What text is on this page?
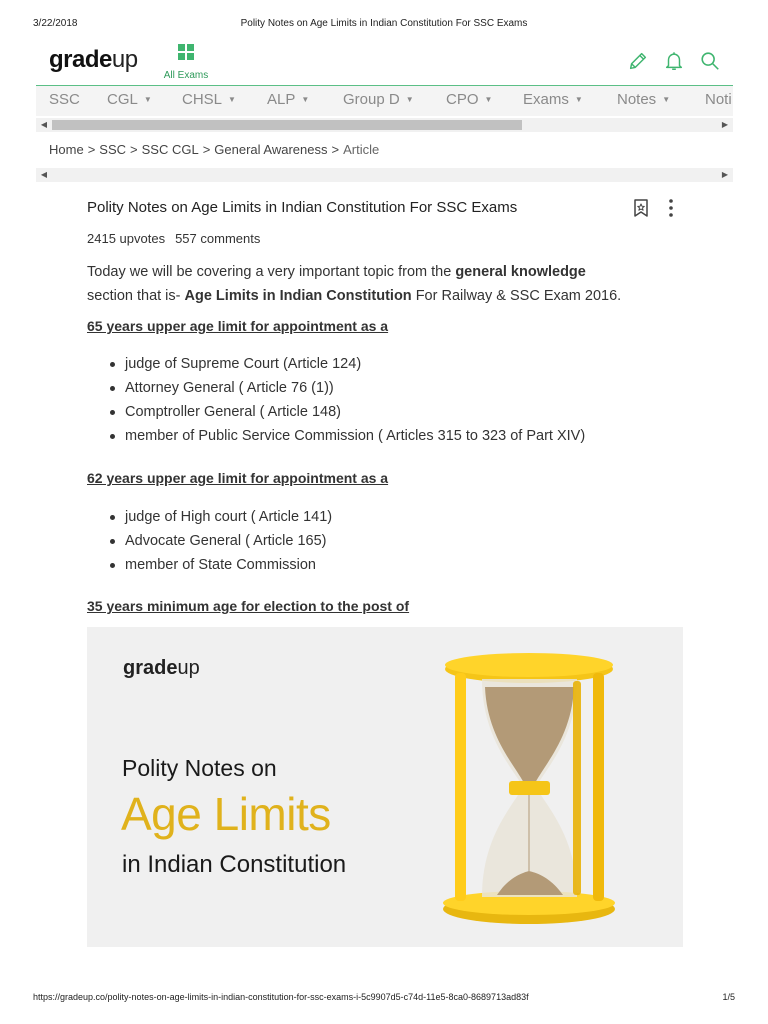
3/22/2018	Polity Notes on Age Limits in Indian Constitution For SSC Exams
gradeup
All Exams
SSC CGL ▼ CHSL ▼ ALP ▼ Group D ▼ CPO ▼ Exams ▼ Notes ▼ Noti
◀	▶
Home > SSC > SSC CGL > General Awareness > Article
◀	▶
Polity Notes on Age Limits in Indian Constitution For SSC Exams
2415 upvotes 557 comments
Today we will be covering a very important topic from the general knowledge
section that is- Age Limits in Indian Constitution For Railway & SSC Exam 2016.
65 years upper age limit for appointment as a
judge of Supreme Court (Article 124)
Attorney General ( Article 76 (1))
Comptroller General ( Article 148)
member of Public Service Commission ( Articles 315 to 323 of Part XIV)
62 years upper age limit for appointment as a
judge of High court ( Article 141)
Advocate General ( Article 165)
member of State Commission
35 years minimum age for election to the post of
gradeup
Polity Notes on
Age Limits
in Indian Constitution
https://gradeup.co/polity-notes-on-age-limits-in-indian-constitution-for-ssc-exams-i-5c9907d5-c74d-11e5-8ca0-8689713ad83f	1/5
